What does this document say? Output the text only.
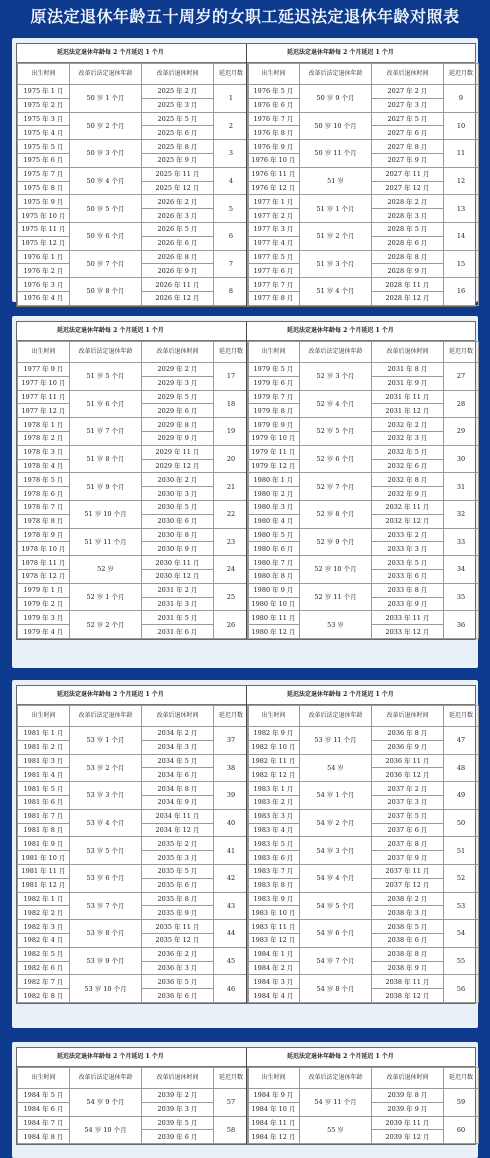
原法定退休年龄五十周岁的女职工延迟法定退休年龄对照表
延迟法定退休年龄每 2 个月延迟 1 个月
出生时间	改革后法定退休年龄	改革后退休时间	延迟月数
1975 年 1 月	50 岁 1 个月	2025 年 2 月	1
1975 年 2 月		2025 年 3 月	
1975 年 3 月	50 岁 2 个月	2025 年 5 月	2
1975 年 4 月		2025 年 6 月	
1975 年 5 月	50 岁 3 个月	2025 年 8 月	3
1975 年 6 月		2025 年 9 月	
1975 年 7 月	50 岁 4 个月	2025 年 11 月	4
1975 年 8 月		2025 年 12 月	
1975 年 9 月	50 岁 5 个月	2026 年 2 月	5
1975 年 10 月		2026 年 3 月	
1975 年 11 月	50 岁 6 个月	2026 年 5 月	6
1975 年 12 月		2026 年 6 月	
1976 年 1 月	50 岁 7 个月	2026 年 8 月	7
1976 年 2 月		2026 年 9 月	
1976 年 3 月	50 岁 8 个月	2026 年 11 月	8
1976 年 4 月		2026 年 12 月	
延迟法定退休年龄每 2 个月延迟 1 个月
出生时间	改革后法定退休年龄	改革后退休时间	延迟月数
1976 年 5 月	50 岁 9 个月	2027 年 2 月	9
1976 年 6 月		2027 年 3 月	
1976 年 7 月	50 岁 10 个月	2027 年 5 月	10
1976 年 8 月		2027 年 6 月	
1976 年 9 月	50 岁 11 个月	2027 年 8 月	11
1976 年 10 月		2027 年 9 月	
1976 年 11 月	51 岁	2027 年 11 月	12
1976 年 12 月		2027 年 12 月	
1977 年 1 月	51 岁 1 个月	2028 年 2 月	13
1977 年 2 月		2028 年 3 月	
1977 年 3 月	51 岁 2 个月	2028 年 5 月	14
1977 年 4 月		2028 年 6 月	
1977 年 5 月	51 岁 3 个月	2028 年 8 月	15
1977 年 6 月		2028 年 9 月	
1977 年 7 月	51 岁 4 个月	2028 年 11 月	16
1977 年 8 月		2028 年 12 月	
延迟法定退休年龄每 2 个月延迟 1 个月
出生时间	改革后法定退休年龄	改革后退休时间	延迟月数
1977 年 9 月	51 岁 5 个月	2029 年 2 月	17
1977 年 10 月		2029 年 3 月	
1977 年 11 月	51 岁 6 个月	2029 年 5 月	18
1977 年 12 月		2029 年 6 月	
1978 年 1 月	51 岁 7 个月	2029 年 8 月	19
1978 年 2 月		2029 年 9 月	
1978 年 3 月	51 岁 8 个月	2029 年 11 月	20
1978 年 4 月		2029 年 12 月	
1978 年 5 月	51 岁 9 个月	2030 年 2 月	21
1978 年 6 月		2030 年 3 月	
1978 年 7 月	51 岁 10 个月	2030 年 5 月	22
1978 年 8 月		2030 年 6 月	
1978 年 9 月	51 岁 11 个月	2030 年 8 月	23
1978 年 10 月		2030 年 9 月	
1978 年 11 月	52 岁	2030 年 11 月	24
1978 年 12 月		2030 年 12 月	
1979 年 1 月	52 岁 1 个月	2031 年 2 月	25
1979 年 2 月		2031 年 3 月	
1979 年 3 月	52 岁 2 个月	2031 年 5 月	26
1979 年 4 月		2031 年 6 月	
延迟法定退休年龄每 2 个月延迟 1 个月
出生时间	改革后法定退休年龄	改革后退休时间	延迟月数
1979 年 5 月	52 岁 3 个月	2031 年 8 月	27
1979 年 6 月		2031 年 9 月	
1979 年 7 月	52 岁 4 个月	2031 年 11 月	28
1979 年 8 月		2031 年 12 月	
1979 年 9 月	52 岁 5 个月	2032 年 2 月	29
1979 年 10 月		2032 年 3 月	
1979 年 11 月	52 岁 6 个月	2032 年 5 月	30
1979 年 12 月		2032 年 6 月	
1980 年 1 月	52 岁 7 个月	2032 年 8 月	31
1980 年 2 月		2032 年 9 月	
1980 年 3 月	52 岁 8 个月	2032 年 11 月	32
1980 年 4 月		2032 年 12 月	
1980 年 5 月	52 岁 9 个月	2033 年 2 月	33
1980 年 6 月		2033 年 3 月	
1980 年 7 月	52 岁 10 个月	2033 年 5 月	34
1980 年 8 月		2033 年 6 月	
1980 年 9 月	52 岁 11 个月	2033 年 8 月	35
1980 年 10 月		2033 年 9 月	
1980 年 11 月	53 岁	2033 年 11 月	36
1980 年 12 月		2033 年 12 月	
延迟法定退休年龄每 2 个月延迟 1 个月
出生时间	改革后法定退休年龄	改革后退休时间	延迟月数
1981 年 1 月	53 岁 1 个月	2034 年 2 月	37
1981 年 2 月		2034 年 3 月	
1981 年 3 月	53 岁 2 个月	2034 年 5 月	38
1981 年 4 月		2034 年 6 月	
1981 年 5 月	53 岁 3 个月	2034 年 8 月	39
1981 年 6 月		2034 年 9 月	
1981 年 7 月	53 岁 4 个月	2034 年 11 月	40
1981 年 8 月		2034 年 12 月	
1981 年 9 月	53 岁 5 个月	2035 年 2 月	41
1981 年 10 月		2035 年 3 月	
1981 年 11 月	53 岁 6 个月	2035 年 5 月	42
1981 年 12 月		2035 年 6 月	
1982 年 1 月	53 岁 7 个月	2035 年 8 月	43
1982 年 2 月		2035 年 9 月	
1982 年 3 月	53 岁 8 个月	2035 年 11 月	44
1982 年 4 月		2035 年 12 月	
1982 年 5 月	53 岁 9 个月	2036 年 2 月	45
1982 年 6 月		2036 年 3 月	
1982 年 7 月	53 岁 10 个月	2036 年 5 月	46
1982 年 8 月		2036 年 6 月	
延迟法定退休年龄每 2 个月延迟 1 个月
出生时间	改革后法定退休年龄	改革后退休时间	延迟月数
1982 年 9 月	53 岁 11 个月	2036 年 8 月	47
1982 年 10 月		2036 年 9 月	
1982 年 11 月	54 岁	2036 年 11 月	48
1982 年 12 月		2036 年 12 月	
1983 年 1 月	54 岁 1 个月	2037 年 2 月	49
1983 年 2 月		2037 年 3 月	
1983 年 3 月	54 岁 2 个月	2037 年 5 月	50
1983 年 4 月		2037 年 6 月	
1983 年 5 月	54 岁 3 个月	2037 年 8 月	51
1983 年 6 月		2037 年 9 月	
1983 年 7 月	54 岁 4 个月	2037 年 11 月	52
1983 年 8 月		2037 年 12 月	
1983 年 9 月	54 岁 5 个月	2038 年 2 月	53
1983 年 10 月		2038 年 3 月	
1983 年 11 月	54 岁 6 个月	2038 年 5 月	54
1983 年 12 月		2038 年 6 月	
1984 年 1 月	54 岁 7 个月	2038 年 8 月	55
1984 年 2 月		2038 年 9 月	
1984 年 3 月	54 岁 8 个月	2038 年 11 月	56
1984 年 4 月		2038 年 12 月	
延迟法定退休年龄每 2 个月延迟 1 个月
出生时间	改革后法定退休年龄	改革后退休时间	延迟月数
1984 年 5 月	54 岁 9 个月	2039 年 2 月	57
1984 年 6 月		2039 年 3 月	
1984 年 7 月	54 岁 10 个月	2039 年 5 月	58
1984 年 8 月		2039 年 6 月	
延迟法定退休年龄每 2 个月延迟 1 个月
出生时间	改革后法定退休年龄	改革后退休时间	延迟月数
1984 年 9 月	54 岁 11 个月	2039 年 8 月	59
1984 年 10 月		2039 年 9 月	
1984 年 11 月	55 岁	2039 年 11 月	60
1984 年 12 月		2039 年 12 月	
